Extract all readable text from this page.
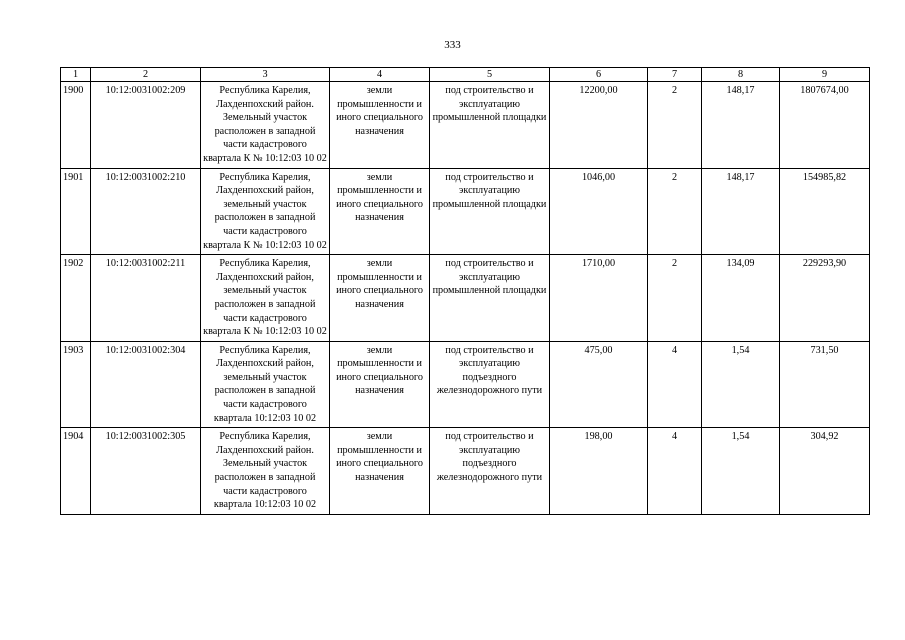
333
1	2	3	4	5	6	7	8	9
1900	10:12:0031002:209	Республика Карелия, Лахденпохский район. Земельный участок расположен в западной части кадастрового квартала К № 10:12:03 10 02	земли промышленности и иного специального назначения	под строительство и эксплуатацию промышленной площадки	12200,00	2	148,17	1807674,00
1901	10:12:0031002:210	Республика Карелия, Лахденпохский район, земельный участок расположен в западной части кадастрового квартала К № 10:12:03 10 02	земли промышленности и иного специального назначения	под строительство и эксплуатацию промышленной площадки	1046,00	2	148,17	154985,82
1902	10:12:0031002:211	Республика Карелия, Лахденпохский район, земельный участок расположен в западной части кадастрового квартала К № 10:12:03 10 02	земли промышленности и иного специального назначения	под строительство и эксплуатацию промышленной площадки	1710,00	2	134,09	229293,90
1903	10:12:0031002:304	Республика Карелия, Лахденпохский район, земельный участок расположен в западной части кадастрового квартала 10:12:03 10 02	земли промышленности и иного специального назначения	под строительство и эксплуатацию подъездного железнодорожного пути	475,00	4	1,54	731,50
1904	10:12:0031002:305	Республика Карелия, Лахденпохский район. Земельный участок расположен в западной части кадастрового квартала 10:12:03 10 02	земли промышленности и иного специального назначения	под строительство и эксплуатацию подъездного железнодорожного пути	198,00	4	1,54	304,92
